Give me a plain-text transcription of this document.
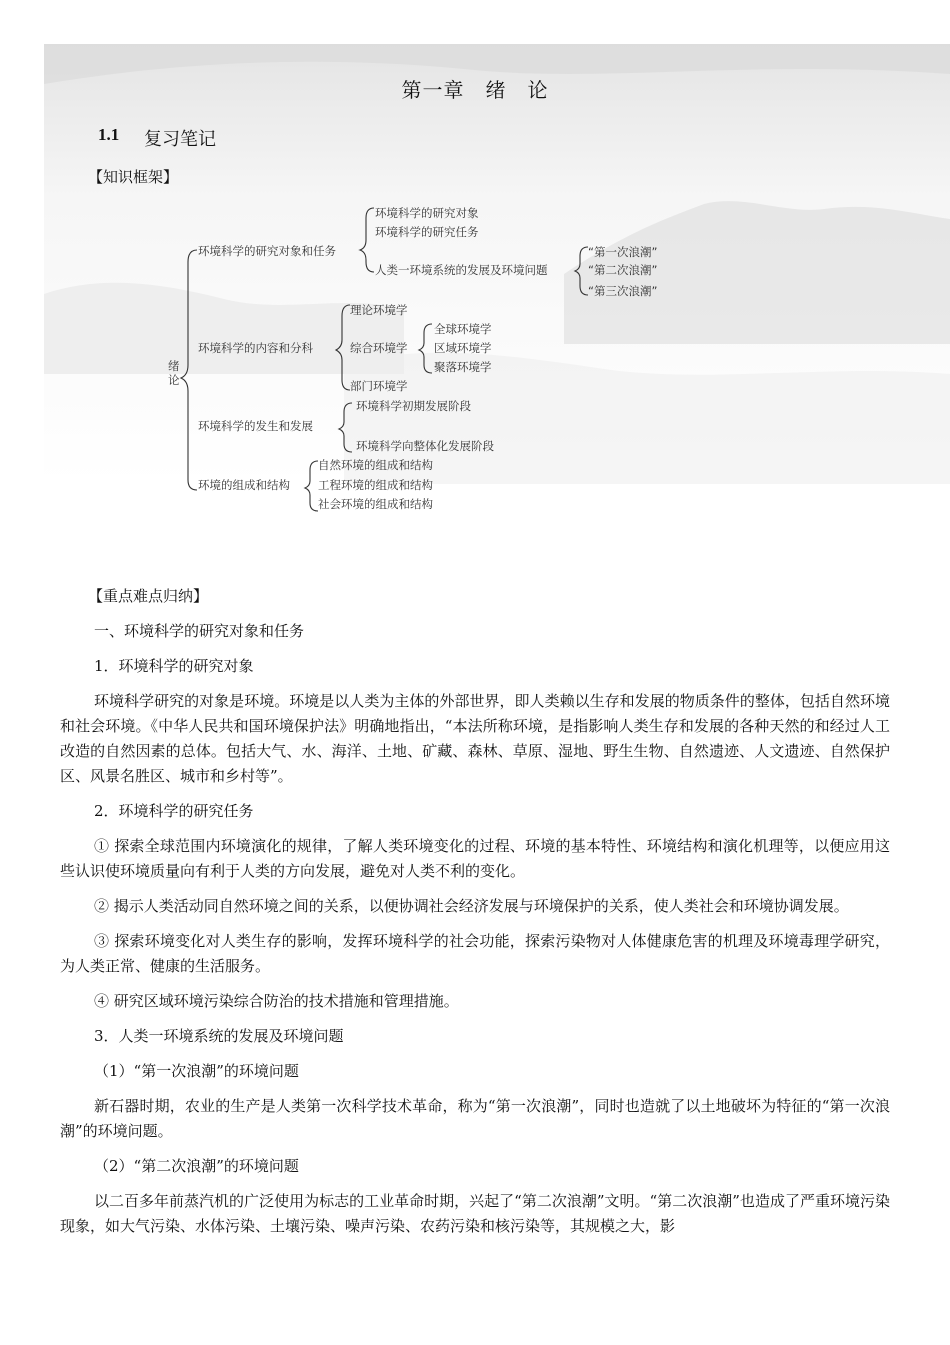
第一章　绪　论
1.1 复习笔记
【知识框架】
绪论
环境科学的研究对象和任务
环境科学的研究对象
环境科学的研究任务
人类一环境系统的发展及环境问题
“第一次浪潮”
“第二次浪潮”
“第三次浪潮”
环境科学的内容和分科
理论环境学
综合环境学
部门环境学
全球环境学
区域环境学
聚落环境学
环境科学的发生和发展
环境科学初期发展阶段
环境科学向整体化发展阶段
环境的组成和结构
自然环境的组成和结构
工程环境的组成和结构
社会环境的组成和结构

【重点难点归纳】

一、环境科学的研究对象和任务

1．环境科学的研究对象

环境科学研究的对象是环境。环境是以人类为主体的外部世界，即人类赖以生存和发展的物质条件的整体，包括自然环境和社会环境。《中华人民共和国环境保护法》明确地指出，“本法所称环境，是指影响人类生存和发展的各种天然的和经过人工改造的自然因素的总体。包括大气、水、海洋、土地、矿藏、森林、草原、湿地、野生生物、自然遗迹、人文遗迹、自然保护区、风景名胜区、城市和乡村等”。

2．环境科学的研究任务

① 探索全球范围内环境演化的规律，了解人类环境变化的过程、环境的基本特性、环境结构和演化机理等，以便应用这些认识使环境质量向有利于人类的方向发展，避免对人类不利的变化。

② 揭示人类活动同自然环境之间的关系，以便协调社会经济发展与环境保护的关系，使人类社会和环境协调发展。

③ 探索环境变化对人类生存的影响，发挥环境科学的社会功能，探索污染物对人体健康危害的机理及环境毒理学研究，为人类正常、健康的生活服务。

④ 研究区域环境污染综合防治的技术措施和管理措施。

3．人类一环境系统的发展及环境问题

（1）“第一次浪潮”的环境问题

新石器时期，农业的生产是人类第一次科学技术革命，称为“第一次浪潮”，同时也造就了以土地破坏为特征的“第一次浪潮”的环境问题。

（2）“第二次浪潮”的环境问题

以二百多年前蒸汽机的广泛使用为标志的工业革命时期，兴起了“第二次浪潮”文明。“第二次浪潮”也造成了严重环境污染现象，如大气污染、水体污染、土壤污染、噪声污染、农药污染和核污染等，其规模之大，影
